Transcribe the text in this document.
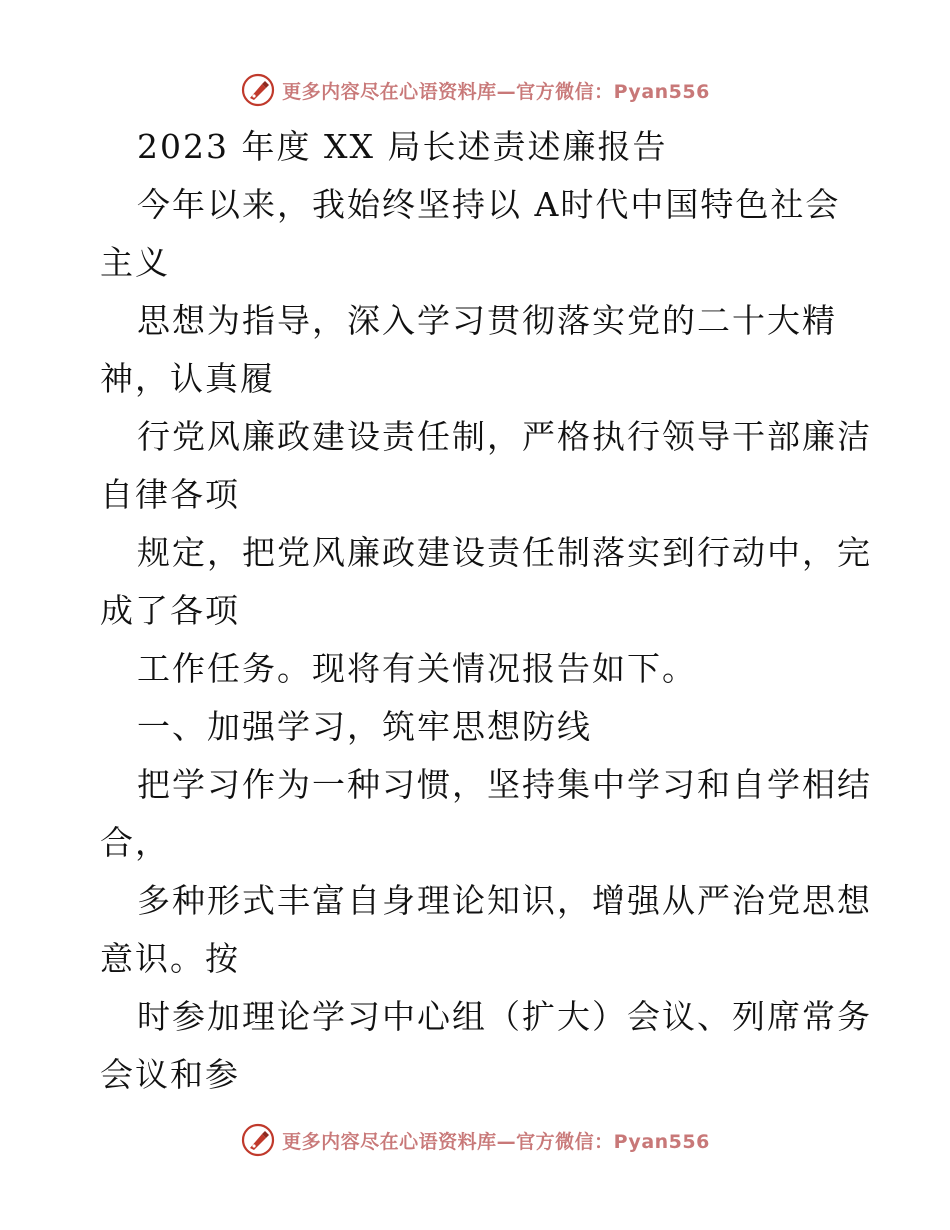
更多内容尽在心语资料库—官方微信：Pyan556
2023 年度 XX 局长述责述廉报告
今年以来，我始终坚持以 A时代中国特色社会
主义
思想为指导，深入学习贯彻落实党的二十大精
神，认真履
行党风廉政建设责任制，严格执行领导干部廉洁
自律各项
规定，把党风廉政建设责任制落实到行动中，完
成了各项
工作任务。现将有关情况报告如下。
一、加强学习，筑牢思想防线
把学习作为一种习惯，坚持集中学习和自学相结
合，
多种形式丰富自身理论知识，增强从严治党思想
意识。按
时参加理论学习中心组（扩大）会议、列席常务
会议和参
更多内容尽在心语资料库—官方微信：Pyan556
